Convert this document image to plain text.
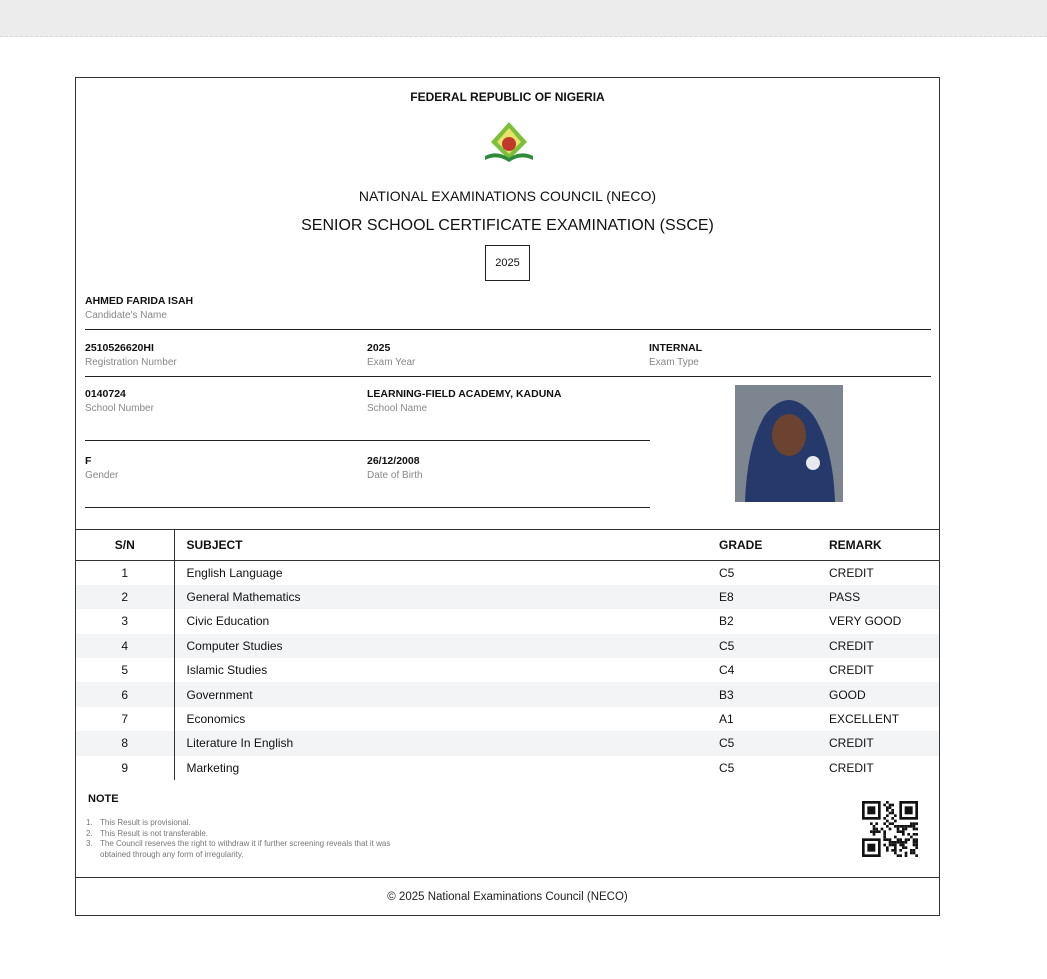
FEDERAL REPUBLIC OF NIGERIA
NATIONAL EXAMINATIONS COUNCIL (NECO)
SENIOR SCHOOL CERTIFICATE EXAMINATION (SSCE)
2025
AHMED FARIDA ISAH
Candidate's Name
2510526620HI
Registration Number
2025
Exam Year
INTERNAL
Exam Type
0140724
School Number
LEARNING-FIELD ACADEMY, KADUNA
School Name
F
Gender
26/12/2008
Date of Birth
S/N	SUBJECT	GRADE	REMARK
1	English Language	C5	CREDIT
2	General Mathematics	E8	PASS
3	Civic Education	B2	VERY GOOD
4	Computer Studies	C5	CREDIT
5	Islamic Studies	C4	CREDIT
6	Government	B3	GOOD
7	Economics	A1	EXCELLENT
8	Literature In English	C5	CREDIT
9	Marketing	C5	CREDIT
NOTE
1. This Result is provisional.
2. This Result is not transferable.
3. The Council reserves the right to withdraw it if further screening reveals that it was obtained through any form of irregularity.
© 2025 National Examinations Council (NECO)
